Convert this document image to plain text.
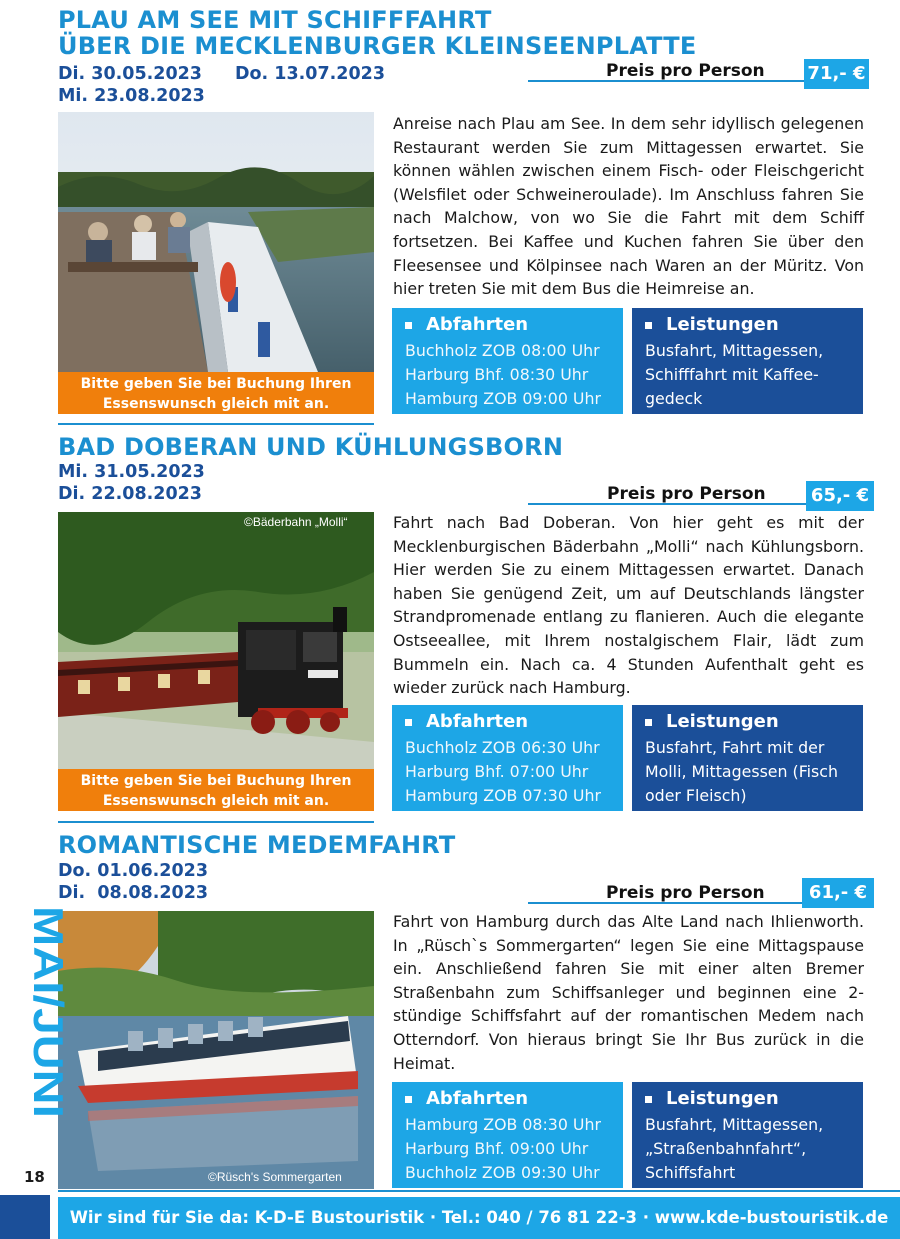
PLAU AM SEE MIT SCHIFFFAHRT
ÜBER DIE MECKLENBURGER KLEINSEENPLATTE
Di. 30.05.2023	Do. 13.07.2023
Mi. 23.08.2023
Preis pro Person 71,- €
Bitte geben Sie bei Buchung Ihren
Essenswunsch gleich mit an.
Anreise nach Plau am See. In dem sehr idyllisch gelegenen Restaurant werden Sie zum Mittagessen erwartet. Sie können wählen zwischen einem Fisch- oder Fleischgericht (Welsfilet oder Schweineroulade). Im Anschluss fahren Sie nach Malchow, von wo Sie die Fahrt mit dem Schiff fortsetzen. Bei Kaffee und Kuchen fahren Sie über den Fleesensee und Kölpinsee nach Waren an der Müritz. Von hier treten Sie mit dem Bus die Heimreise an.
Abfahrten
Buchholz ZOB 08:00 Uhr
Harburg Bhf. 08:30 Uhr
Hamburg ZOB 09:00 Uhr
Leistungen
Busfahrt, Mittagessen,
Schifffahrt mit Kaffee-
gedeck
BAD DOBERAN UND KÜHLUNGSBORN
Mi. 31.05.2023
Di. 22.08.2023	Preis pro Person	65,- €
©Bäderbahn „Molli“
Bitte geben Sie bei Buchung Ihren
Essenswunsch gleich mit an.
Fahrt nach Bad Doberan. Von hier geht es mit der Mecklenburgischen Bäderbahn „Molli“ nach Kühlungsborn. Hier werden Sie zu einem Mittagessen erwartet. Danach haben Sie genügend Zeit, um auf Deutschlands längster Strandpromenade entlang zu flanieren. Auch die elegante Ostseeallee, mit Ihrem nostalgischem Flair, lädt zum Bummeln ein. Nach ca. 4 Stunden Aufenthalt geht es wieder zurück nach Hamburg.
Abfahrten
Buchholz ZOB 06:30 Uhr
Harburg Bhf. 07:00 Uhr
Hamburg ZOB 07:30 Uhr
Leistungen
Busfahrt, Fahrt mit der
Molli, Mittagessen (Fisch
oder Fleisch)
ROMANTISCHE MEDEMFAHRT
Do. 01.06.2023
Di.  08.08.2023	61,- €
Preis pro Person
©Rüsch's Sommergarten
Fahrt von Hamburg durch das Alte Land nach Ihlienworth. In „Rüsch`s Sommergarten“ legen Sie eine Mittagspause ein. Anschließend fahren Sie mit einer alten Bremer Straßenbahn zum Schiffsanleger und beginnen eine 2-stündige Schiffsfahrt auf der romantischen Medem nach Otterndorf. Von hieraus bringt Sie Ihr Bus zurück in die Heimat.
Abfahrten
Hamburg ZOB 08:30 Uhr
Harburg Bhf. 09:00 Uhr
Buchholz ZOB 09:30 Uhr
Leistungen
Busfahrt, Mittagessen,
„Straßenbahnfahrt“,
Schiffsfahrt
MAI/JUNI
18
Wir sind für Sie da: K-D-E Bustouristik · Tel.: 040 / 76 81 22-3 · www.kde-bustouristik.de
